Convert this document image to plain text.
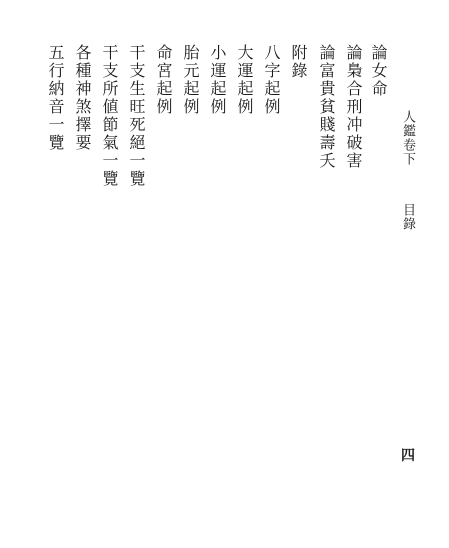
人鑑卷下
目錄
四
論女命
論梟合刑冲破害
論富貴貧賤壽夭
附錄
八字起例
大運起例
小運起例
胎元起例
命宮起例
干支生旺死絕一覽
干支所値節氣一覽
各種神煞擇要
五行納音一覽
